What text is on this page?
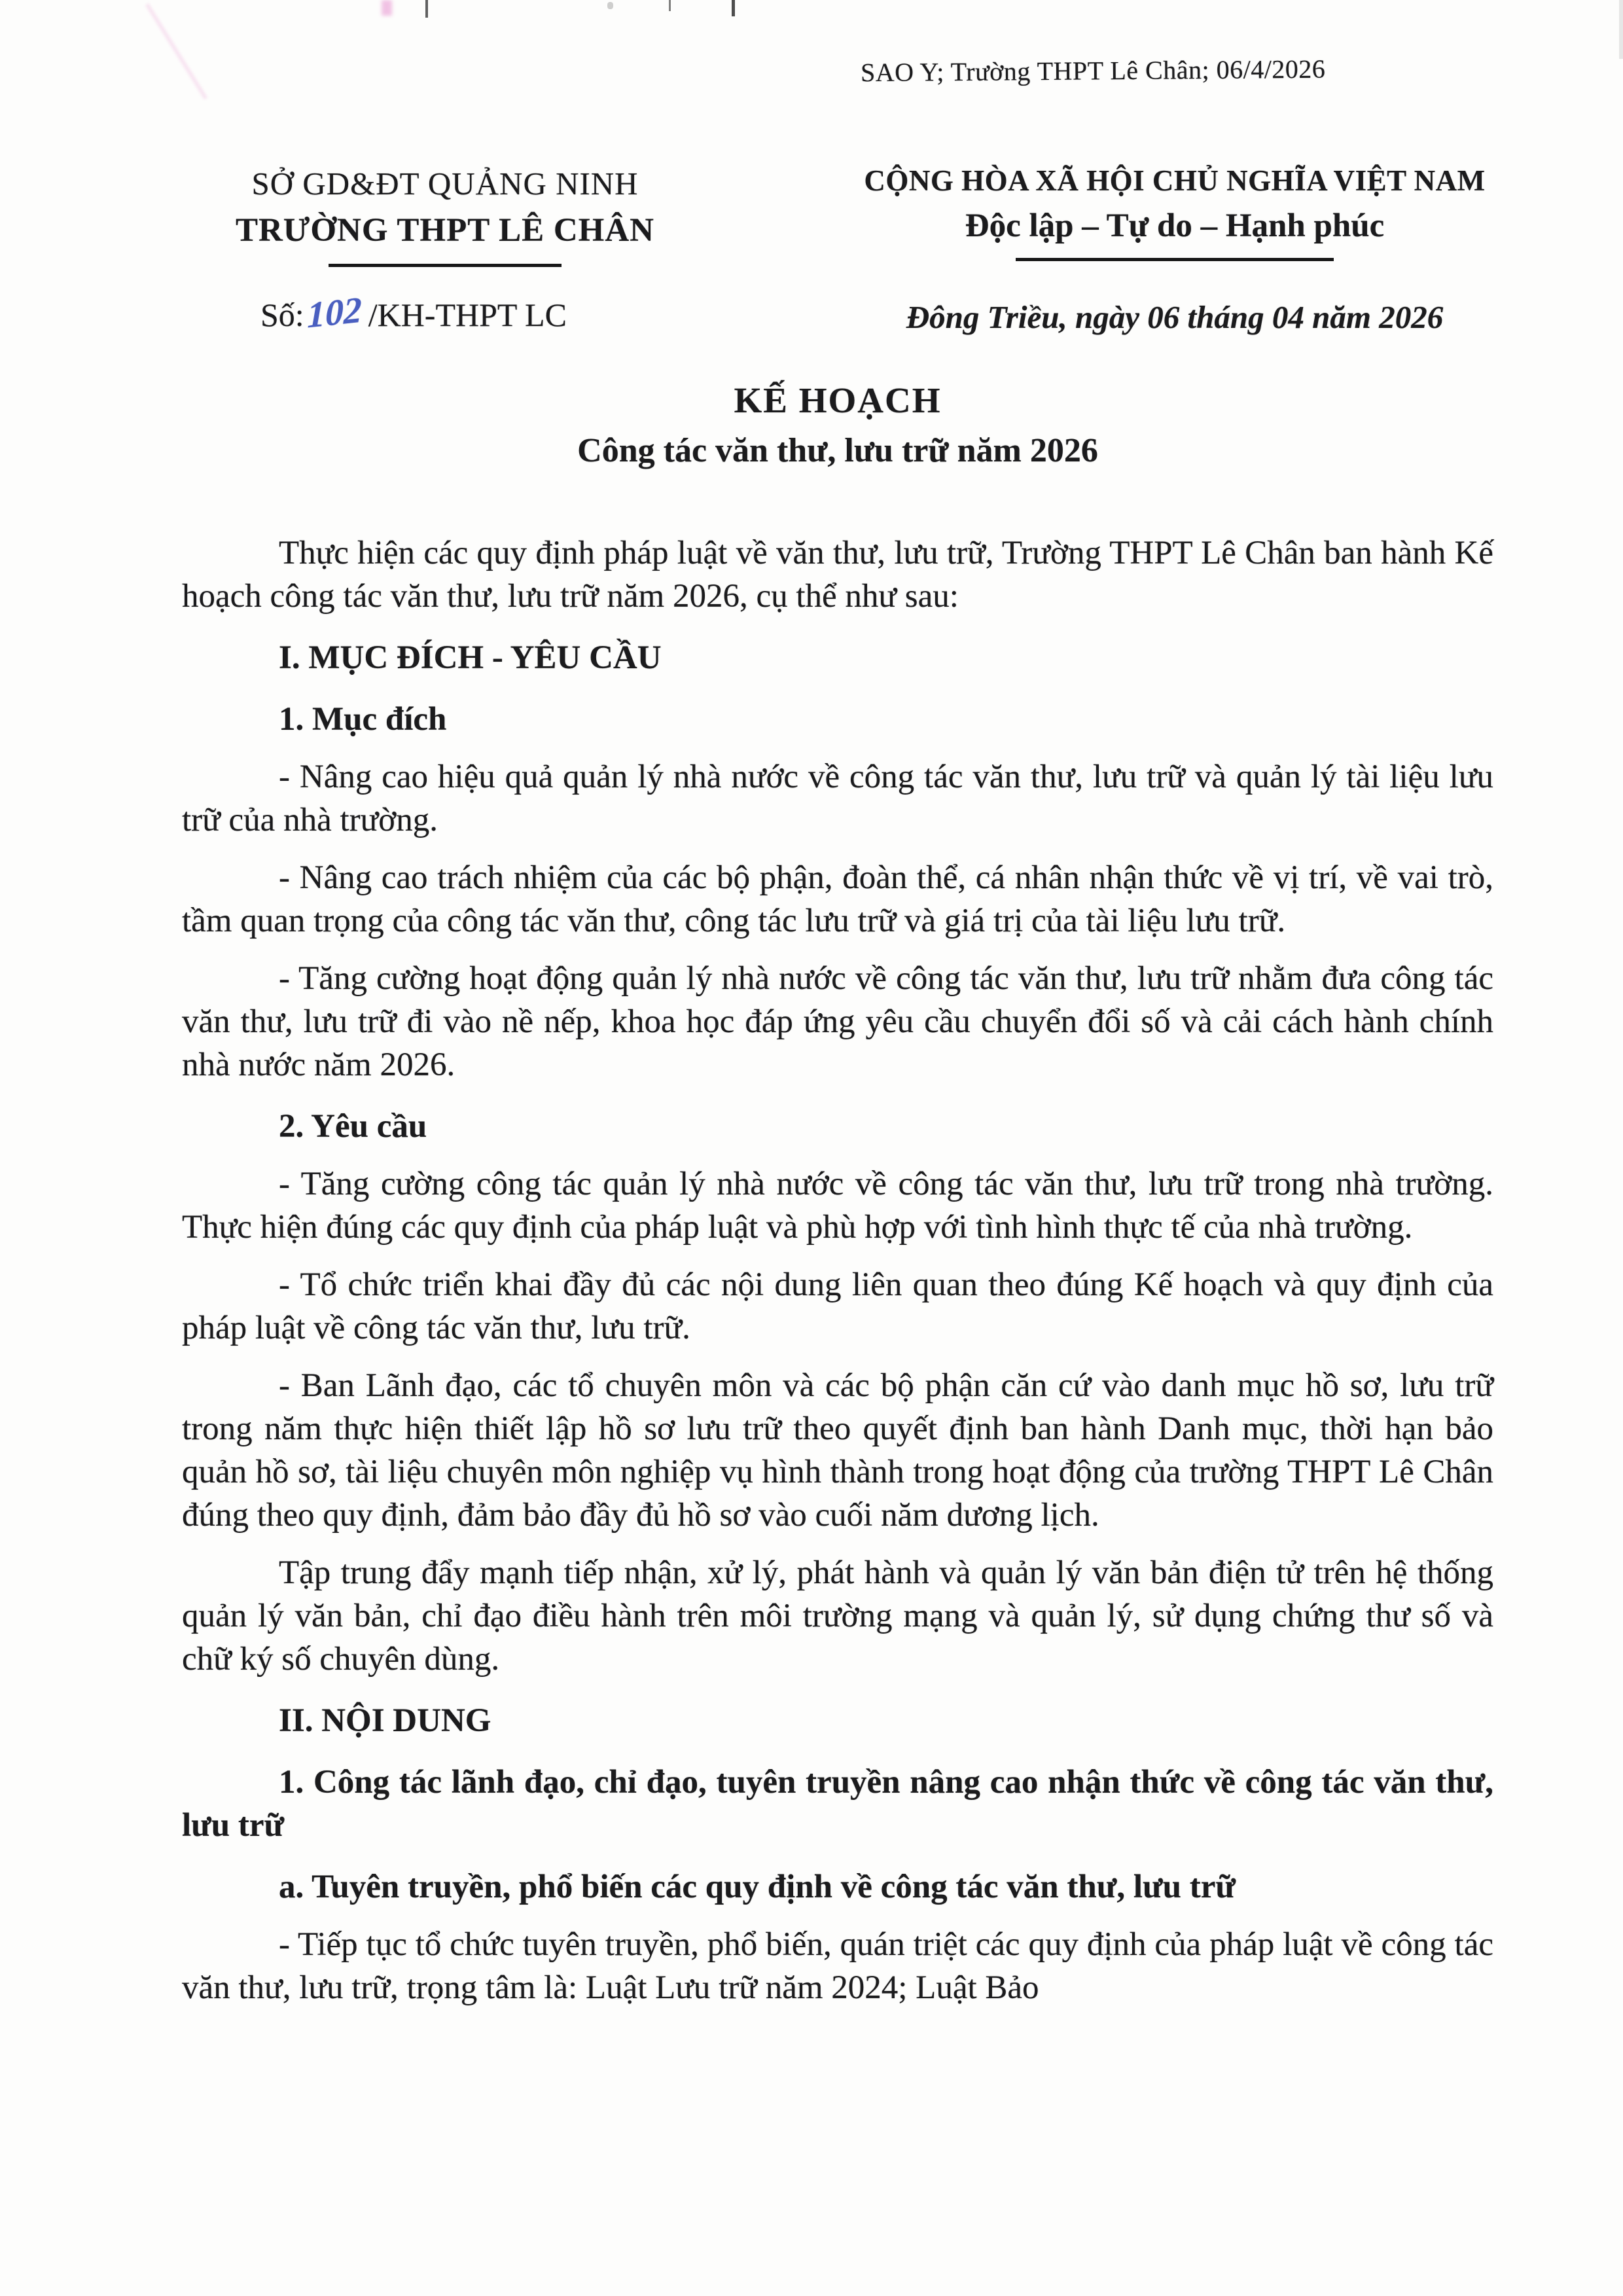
SAO Y; Trường THPT Lê Chân; 06/4/2026
SỞ GD&ĐT QUẢNG NINH
TRƯỜNG THPT LÊ CHÂN
CỘNG HÒA XÃ HỘI CHỦ NGHĨA VIỆT NAM
Độc lập – Tự do – Hạnh phúc
Số:102 /KH-THPT LC	Đông Triều, ngày 06 tháng 04 năm 2026
KẾ HOẠCH
Công tác văn thư, lưu trữ năm 2026

Thực hiện các quy định pháp luật về văn thư, lưu trữ, Trường THPT Lê Chân ban hành Kế hoạch công tác văn thư, lưu trữ năm 2026, cụ thể như sau:

I. MỤC ĐÍCH - YÊU CẦU

1. Mục đích

- Nâng cao hiệu quả quản lý nhà nước về công tác văn thư, lưu trữ và quản lý tài liệu lưu trữ của nhà trường.

- Nâng cao trách nhiệm của các bộ phận, đoàn thể, cá nhân nhận thức về vị trí, về vai trò, tầm quan trọng của công tác văn thư, công tác lưu trữ và giá trị của tài liệu lưu trữ.

- Tăng cường hoạt động quản lý nhà nước về công tác văn thư, lưu trữ nhằm đưa công tác văn thư, lưu trữ đi vào nề nếp, khoa học đáp ứng yêu cầu chuyển đổi số và cải cách hành chính nhà nước năm 2026.

2. Yêu cầu

- Tăng cường công tác quản lý nhà nước về công tác văn thư, lưu trữ trong nhà trường. Thực hiện đúng các quy định của pháp luật và phù hợp với tình hình thực tế của nhà trường.

- Tổ chức triển khai đầy đủ các nội dung liên quan theo đúng Kế hoạch và quy định của pháp luật về công tác văn thư, lưu trữ.

- Ban Lãnh đạo, các tổ chuyên môn và các bộ phận căn cứ vào danh mục hồ sơ, lưu trữ trong năm thực hiện thiết lập hồ sơ lưu trữ theo quyết định ban hành Danh mục, thời hạn bảo quản hồ sơ, tài liệu chuyên môn nghiệp vụ hình thành trong hoạt động của trường THPT Lê Chân đúng theo quy định, đảm bảo đầy đủ hồ sơ vào cuối năm dương lịch.

Tập trung đẩy mạnh tiếp nhận, xử lý, phát hành và quản lý văn bản điện tử trên hệ thống quản lý văn bản, chỉ đạo điều hành trên môi trường mạng và quản lý, sử dụng chứng thư số và chữ ký số chuyên dùng.

II. NỘI DUNG

1. Công tác lãnh đạo, chỉ đạo, tuyên truyền nâng cao nhận thức về công tác văn thư, lưu trữ

a. Tuyên truyền, phổ biến các quy định về công tác văn thư, lưu trữ

- Tiếp tục tổ chức tuyên truyền, phổ biến, quán triệt các quy định của pháp luật về công tác văn thư, lưu trữ, trọng tâm là: Luật Lưu trữ năm 2024; Luật Bảo
